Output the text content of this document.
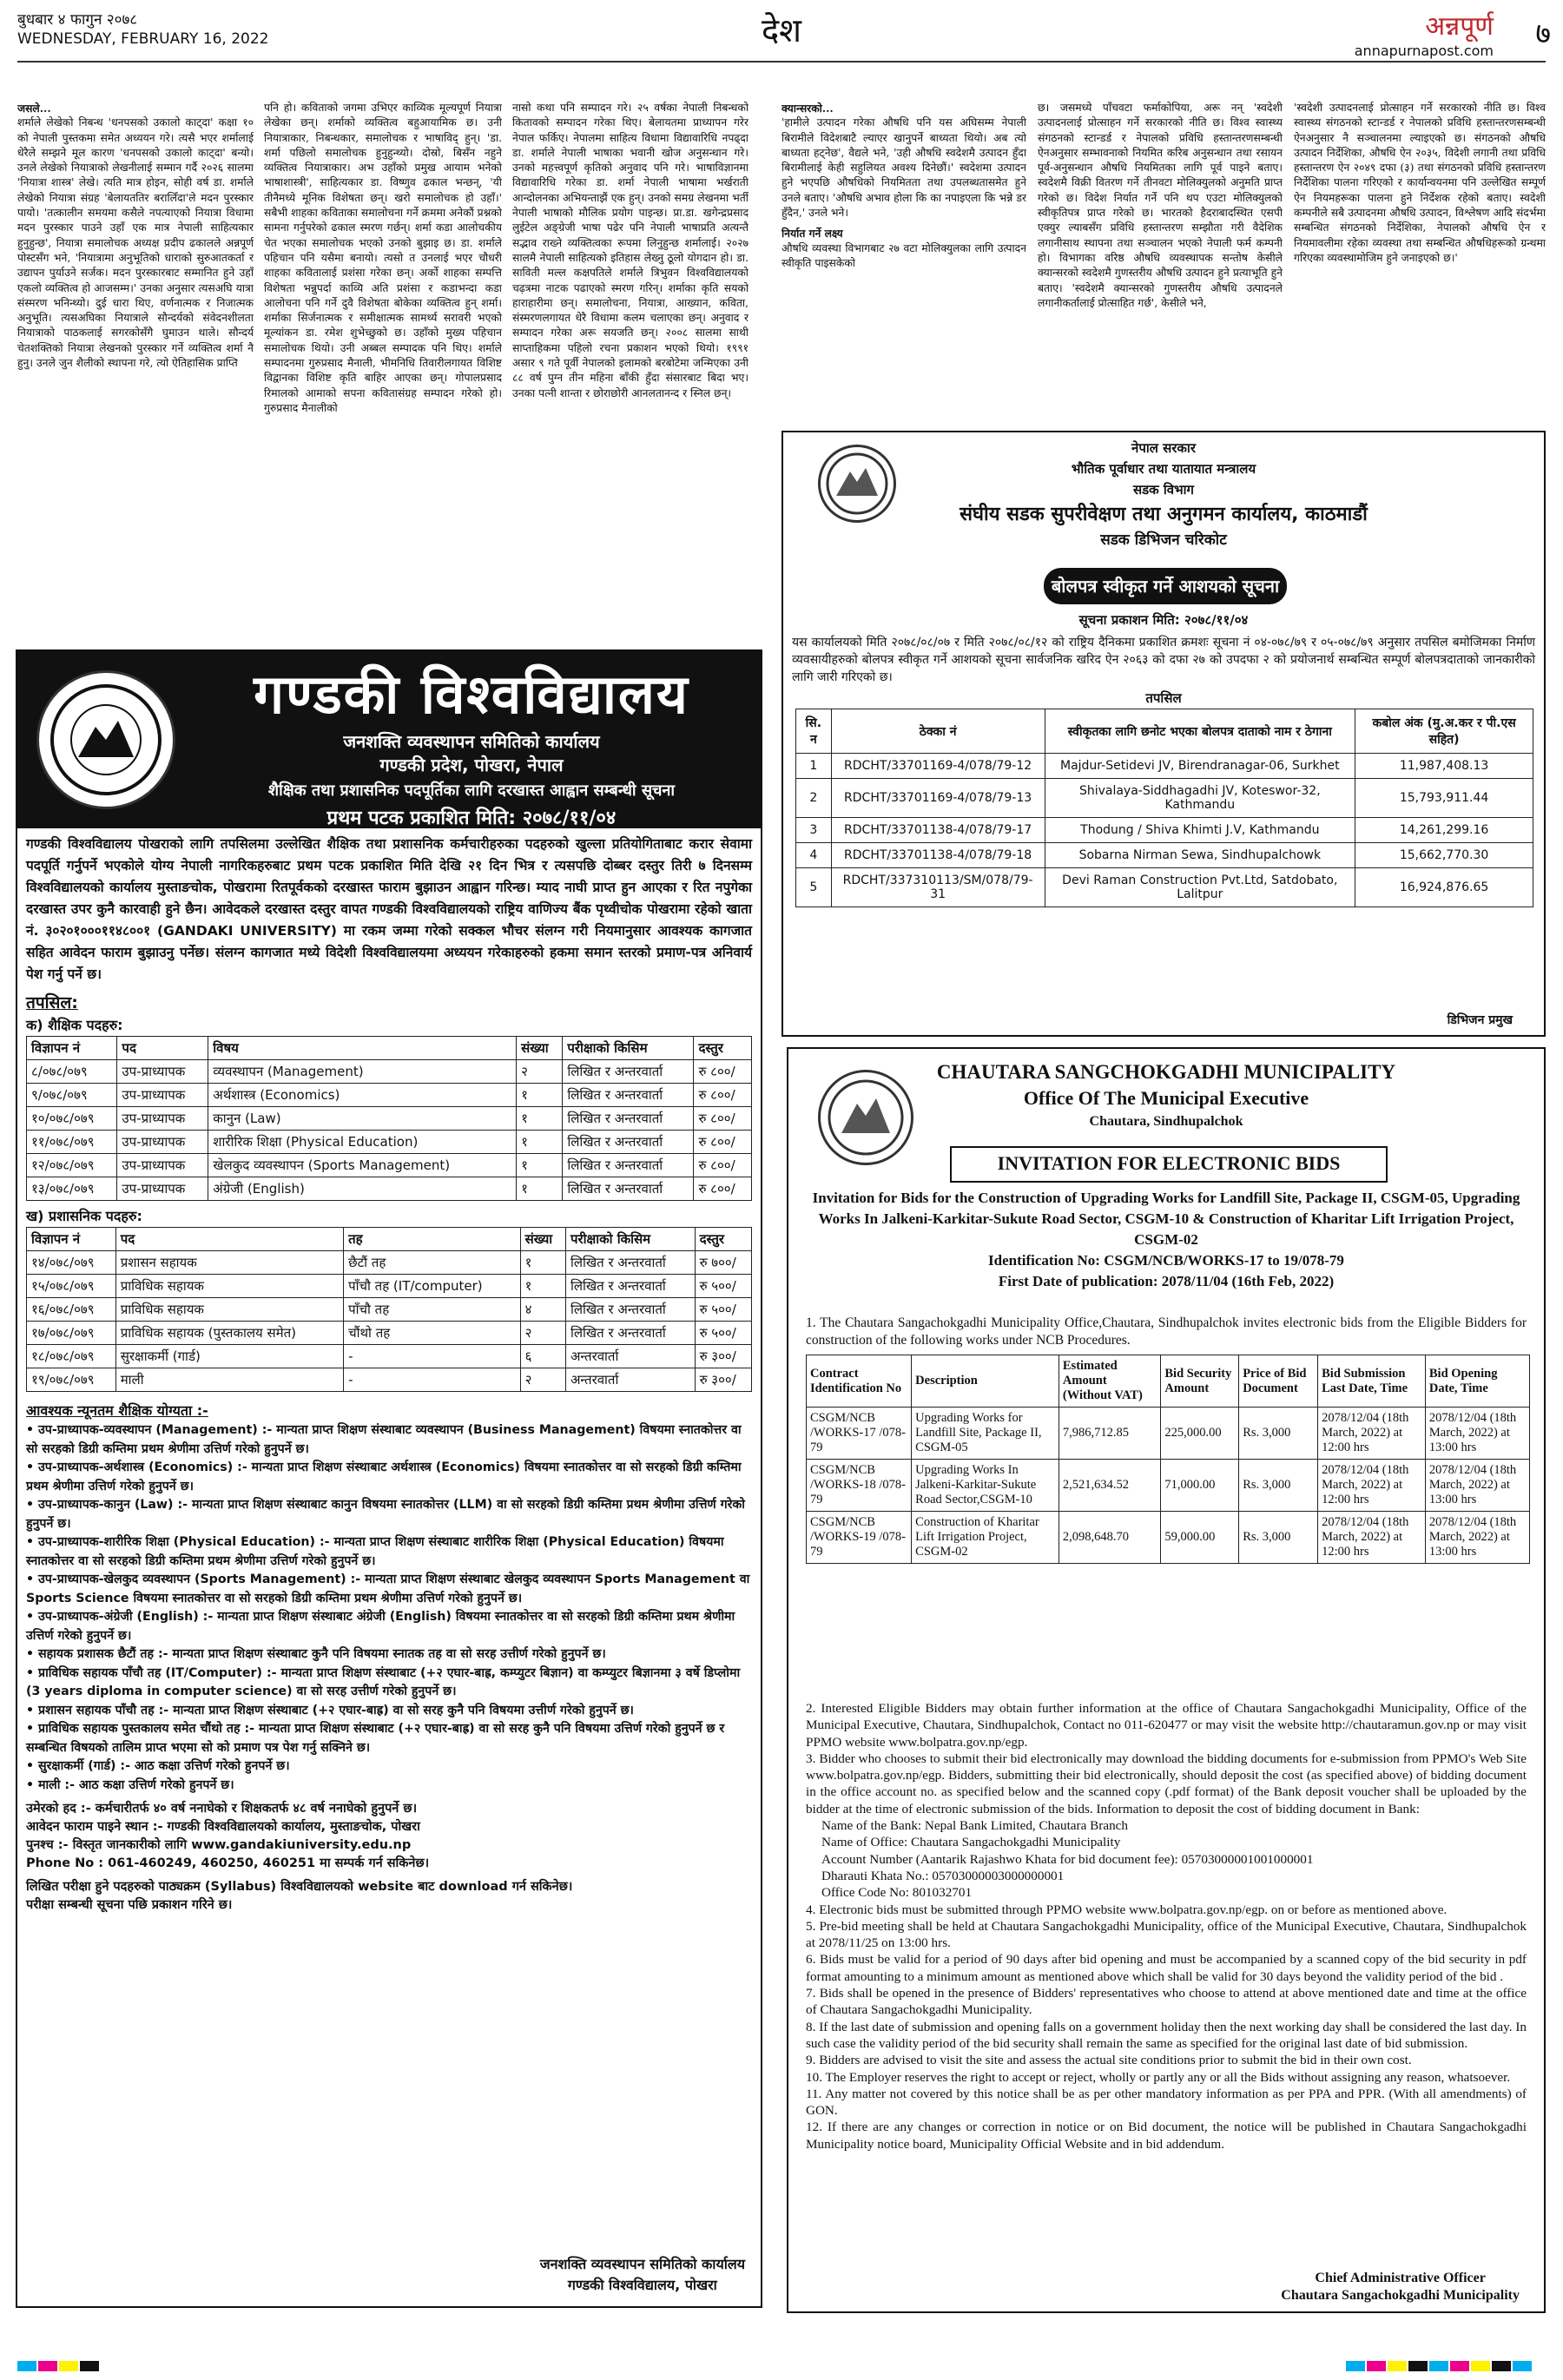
बुधबार ४ फागुन २०७८
WEDNESDAY, FEBRUARY 16, 2022	देश	अन्नपूर्ण
annapurnapost.com ७
जसले...
शर्माले लेखेको निबन्ध 'धनपसको उकालो काट्दा' कक्षा १० को नेपाली पुस्तकमा समेत अध्ययन गरे। त्यसै भएर शर्मालाई धेरैले सम्झने मूल कारण 'धनपसको उकालो काट्दा' बन्यो। उनले लेखेको नियात्राको लेखनीलाई सम्मान गर्दै २०२६ सालमा 'नियात्रा शास्त्र' लेखे। त्यति मात्र होइन, सोही वर्ष डा. शर्माले लेखेको नियात्रा संग्रह 'बेलायततिर बरालिँदा'ले मदन पुरस्कार पायो। 'तत्कालीन समयमा कसैले नपत्याएको नियात्रा विधामा मदन पुरस्कार पाउने उहाँ एक मात्र नेपाली साहित्यकार हुनुहुन्छ', नियात्रा समालोचक अध्यक्ष प्रदीप ढकालले अन्नपूर्ण पोस्टसँग भने, 'नियात्रामा अनुभूतिको धाराको सुरुआतकर्ता र उद्यापन पुर्याउने सर्जक। मदन पुरस्कारबाट सम्मानित हुने उहाँ एकलो व्यक्तित्व हो आजसम्म।' उनका अनुसार त्यसअघि यात्रा संस्मरण भनिन्थ्यो। दुई धारा थिए, वर्णनात्मक र निजात्मक अनुभूति। त्यसअघिका नियात्राले सौन्दर्यको संवेदनशीलता नियात्राको पाठकलाई सगरकोसँगै घुमाउन थाले। सौन्दर्य चेतशक्तिको नियात्रा लेखनको पुरस्कार गर्ने व्यक्तित्व शर्मा नै हुनु। उनले जुन शैलीको स्थापना गरे, त्यो ऐतिहासिक प्राप्ति
पनि हो। कविताको जगमा उभिएर काव्यिक मूल्यपूर्ण नियात्रा लेखेका छन्। शर्माको व्यक्तित्व बहुआयामिक छ। उनी नियात्राकार, निबन्धकार, समालोचक र भाषाविद् हुन्। 'डा. शर्मा पछिलो समालोचक हुनुहुन्थ्यो। दोस्रो, बिसँन नहुने व्यक्तित्व नियात्राकार। अभ उहाँको प्रमुख आयाम भनेको भाषाशास्त्री', साहित्यकार डा. विष्णुव ढकाल भन्छन्, 'यी तीनैमध्ये मूनिक विशेषता छन्। खराे समालोचक हो उहाँ।' सबैभी शाहका कविताका समालोचना गर्ने क्रममा अनेकौं प्रश्नको सामना गर्नुपरेको ढकाल स्मरण गर्छन्। शर्मा कडा आलोचकीय चेत भएका समालोचक भएको उनको बुझाइ छ। डा. शर्माले पहिचान पनि यसैमा बनायो। त्यसो त उनलाई भएर चौधरी शाहका कवितालाई प्रशंसा गरेका छन्। अर्को शाहका सम्पत्ति विशेषता भन्नुपर्दा काव्यि अति प्रशंसा र कडाभन्दा कडा आलोचना पनि गर्ने दुवै विशेषता बोकेका व्यक्तित्व हुन् शर्मा। शर्माका सिर्जनात्मक र समीक्षात्मक सामर्थ्य सरावरी भएको मूल्यांकन डा. रमेश शुभेच्छुको छ। उहाँको मुख्य पहिचान समालोचक थियो। उनी अब्बल सम्पादक पनि थिए। शर्माले सम्पादनमा गुरुप्रसाद मैनाली, भीमनिधि तिवारीलगायत विशिष्ट विद्वानका विशिष्ट कृति बाहिर आएका छन्। गोपालप्रसाद रिमालको आमाको सपना कवितासंग्रह सम्पादन गरेको हो। गुरुप्रसाद मैनालीको
नासो कथा पनि सम्पादन गरे। २५ वर्षका नेपाली निबन्धको कितावको सम्पादन गरेका थिए। बेलायतमा प्राध्यापन गरेर नेपाल फर्किए। नेपालमा साहित्य विधामा विद्यावारिधि नपढ्दा डा. शर्माले नेपाली भाषाका भवानी खोज अनुसन्धान गरे। उनको महत्त्वपूर्ण कृतिको अनुवाद पनि गरे। भाषाविज्ञानमा विद्यावारिधि गरेका डा. शर्मा नेपाली भाषामा भर्खराती आन्दोलनका अभियन्ताझैं एक हुन्। उनको समग्र लेखनमा भर्ती नेपाली भाषाको मौलिक प्रयोग पाइन्छ। प्रा.डा. खगेन्द्रप्रसाद लुईटेल अङ्ग्रेजी भाषा पढेर पनि नेपाली भाषाप्रति अत्यन्तै सद्भाव राख्ने व्यक्तित्वका रूपमा लिनुहुन्छ शर्मालाई। २०२७ सालमै नेपाली साहित्यको इतिहास लेख्नु ठूलो योगदान हो। डा. साविती मल्ल कक्षपतिले शर्माले त्रिभुवन विश्वविद्यालयको चढ़त्रमा नाटक पढाएको स्मरण गरिन्। शर्माका कृति सयको हाराहारीमा छन्। समालोचना, नियात्रा, आख्यान, कविता, संस्मरणलगायत धेरै विधामा कलम चलाएका छन्। अनुवाद र सम्पादन गरेका अरू सयजति छन्। २००८ सालमा साथी साप्ताहिकमा पहिलो रचना प्रकाशन भएको थियो। १९९१ असार ९ गते पूर्वी नेपालको इलामको बरबोटेमा जन्मिएका उनी ८८ वर्ष पुग्न तीन महिना बाँकी हुँदा संसारबाट बिदा भए। उनका पत्नी शान्ता र छोराछोरी आनलतानन्द र स्निल छन्।
क्यान्सरको...
'हामीले उत्पादन गरेका औषधि पनि यस अघिसम्म नेपाली बिरामीले विदेशबाटै ल्याएर खानुपर्ने बाध्यता थियो। अब त्यो बाध्यता हट्नेछ', वैद्यले भने, 'उही औषधि स्वदेशमै उत्पादन हुँदा बिरामीलाई केही सहुलियत अवश्य दिनेछौं।' स्वदेशमा उत्पादन हुने भएपछि औषधिको नियमितता तथा उपलब्धतासमेत हुने उनले बताए। 'औषधि अभाव होला कि का नपाइएला कि भन्ने डर हुँदैन,' उनले भने।
निर्यात गर्ने लक्ष्य
औषधि व्यवस्था विभागबाट २७ वटा मोलिक्युलका लागि उत्पादन स्वीकृति पाइसकेको
छ। जसमध्ये पाँचवटा फर्माकोपिया, अरू नन् 'स्वदेशी उत्पादनलाई प्रोत्साहन गर्ने सरकारको नीति छ। विश्व स्वास्थ्य संगठनको स्टान्डर्ड र नेपालको प्रविधि हस्तान्तरणसम्बन्धी ऐनअनुसार सम्भावनाको नियमित करिब अनुसन्धान तथा रसायन पूर्व-अनुसन्धान औषधि नियमितका लागि पूर्व पाइने बताए। स्वदेशमै विक्री वितरण गर्ने तीनवटा मोलिक्युलको अनुमति प्राप्त गरेको छ। विदेश निर्यात गर्ने पनि थप एउटा मोलिक्युलको स्वीकृतिपत्र प्राप्त गरेको छ। भारतको हैदराबादस्थित एसपी एक्युर ल्याबसँग प्रविधि हस्तान्तरण सम्झौता गरी वैदेशिक लगानीसाथ स्थापना तथा सञ्चालन भएको नेपाली फर्म कम्पनी हो। विभागका वरिष्ठ औषधि व्यवस्थापक सन्तोष केसीले क्यान्सरको स्वदेशमै गुणस्तरीय औषधि उत्पादन हुने प्रत्याभूति हुने बताए। 'स्वदेशमै क्यान्सरको गुणस्तरीय औषधि उत्पादनले लगानीकर्तालाई प्रोत्साहित गर्छ', केसीले भने,
'स्वदेशी उत्पादनलाई प्रोत्साहन गर्ने सरकारको नीति छ। विश्व स्वास्थ्य संगठनको स्टान्डर्ड र नेपालको प्रविधि हस्तान्तरणसम्बन्धी ऐनअनुसार नै सञ्चालनमा ल्याइएको छ। संगठनको औषधि उत्पादन निर्देशिका, औषधि ऐन २०३५, विदेशी लगानी तथा प्रविधि हस्तान्तरण ऐन २०४९ दफा (३) तथा संगठनको प्रविधि हस्तान्तरण निर्देशिका पालना गरिएको र कार्यान्वयनमा पनि उल्लेखित सम्पूर्ण ऐन नियमहरूका पालना हुने निर्देशक रहेको बताए। स्वदेशी कम्पनीले सबै उत्पादनमा औषधि उत्पादन, विश्लेषण आदि संदर्भमा सम्बन्धित संगठनको निर्देशिका, नेपालको औषधि ऐन र नियमावलीमा रहेका व्यवस्था तथा सम्बन्धित औषधिहरूको ग्रन्थमा गरिएका व्यवस्थामोजिम हुने जनाइएको छ।'
गण्डकी विश्वविद्यालय
जनशक्ति व्यवस्थापन समितिको कार्यालय
गण्डकी प्रदेश, पोखरा, नेपाल
शैक्षिक तथा प्रशासनिक पदपूर्तिका लागि दरखास्त आह्वान सम्बन्धी सूचना
प्रथम पटक प्रकाशित मिति: २०७८/११/०४
गण्डकी विश्वविद्यालय पोखराको लागि तपसिलमा उल्लेखित शैक्षिक तथा प्रशासनिक कर्मचारीहरुका पदहरुको खुल्ला प्रतियोगिताबाट करार सेवामा पदपूर्ति गर्नुपर्ने भएकोले योग्य नेपाली नागरिकहरुबाट प्रथम पटक प्रकाशित मिति देखि २१ दिन भित्र र त्यसपछि दोब्बर दस्तुर तिरी ७ दिनसम्म विश्वविद्यालयको कार्यालय मुस्ताङचोक, पोखरामा रितपूर्वकको दरखास्त फाराम बुझाउन आह्वान गरिन्छ। म्याद नाघी प्राप्त हुन आएका र रित नपुगेका दरखास्त उपर कुनै कारवाही हुने छैन। आवेदकले दरखास्त दस्तुर वापत गण्डकी विश्वविद्यालयको राष्ट्रिय वाणिज्य बैंक पृथ्वीचोक पोखरामा रहेको खाता नं. ३०२०१०००११४८००१ (GANDAKI UNIVERSITY) मा रकम जम्मा गरेको सक्कल भौचर संलग्न गरी नियमानुसार आवश्यक कागजात सहित आवेदन फाराम बुझाउनु पर्नेछ। संलग्न कागजात मध्ये विदेशी विश्वविद्यालयमा अध्ययन गरेकाहरुको हकमा समान स्तरको प्रमाण-पत्र अनिवार्य पेश गर्नु पर्ने छ।
तपसिल:
क) शैक्षिक पदहरु:
विज्ञापन नं	पद	विषय	संख्या	परीक्षाको किसिम	दस्तुर
८/०७८/०७९	उप-प्राध्यापक	व्यवस्थापन (Management)	२	लिखित र अन्तरवार्ता	रु ८००/
९/०७८/०७९	उप-प्राध्यापक	अर्थशास्त्र (Economics)	१	लिखित र अन्तरवार्ता	रु ८००/
१०/०७८/०७९	उप-प्राध्यापक	कानुन (Law)	१	लिखित र अन्तरवार्ता	रु ८००/
११/०७८/०७९	उप-प्राध्यापक	शारीरिक शिक्षा (Physical Education)	१	लिखित र अन्तरवार्ता	रु ८००/
१२/०७८/०७९	उप-प्राध्यापक	खेलकुद व्यवस्थापन (Sports Management)	१	लिखित र अन्तरवार्ता	रु ८००/
१३/०७८/०७९	उप-प्राध्यापक	अंग्रेजी (English)	१	लिखित र अन्तरवार्ता	रु ८००/
ख) प्रशासनिक पदहरु:
विज्ञापन नं	पद	तह	संख्या	परीक्षाको किसिम	दस्तुर
१४/०७८/०७९	प्रशासन सहायक	छैटौं तह	१	लिखित र अन्तरवार्ता	रु ७००/
१५/०७८/०७९	प्राविधिक सहायक	पाँचौ तह (IT/computer)	१	लिखित र अन्तरवार्ता	रु ५००/
१६/०७८/०७९	प्राविधिक सहायक	पाँचौ तह	४	लिखित र अन्तरवार्ता	रु ५००/
१७/०७८/०७९	प्राविधिक सहायक (पुस्तकालय समेत)	चौंथो तह	२	लिखित र अन्तरवार्ता	रु ५००/
१८/०७८/०७९	सुरक्षाकर्मी (गार्ड)	-	६	अन्तरवार्ता	रु ३००/
१९/०७८/०७९	माली	-	२	अन्तरवार्ता	रु ३००/
आवश्यक न्यूनतम शैक्षिक योग्यता :-
• उप-प्राध्यापक-व्यवस्थापन (Management) :- मान्यता प्राप्त शिक्षण संस्थाबाट व्यवस्थापन (Business Management) विषयमा स्नातकोत्तर वा सो सरहको डिग्री कम्तिमा प्रथम श्रेणीमा उत्तिर्ण गरेको हुनुपर्ने छ।
• उप-प्राध्यापक-अर्थशास्त्र (Economics) :- मान्यता प्राप्त शिक्षण संस्थाबाट अर्थशास्त्र (Economics) विषयमा स्नातकोत्तर वा सो सरहको डिग्री कम्तिमा प्रथम श्रेणीमा उत्तिर्ण गरेको हुनुपर्ने छ।
• उप-प्राध्यापक-कानुन (Law) :- मान्यता प्राप्त शिक्षण संस्थाबाट कानुन विषयमा स्नातकोत्तर (LLM) वा सो सरहको डिग्री कम्तिमा प्रथम श्रेणीमा उत्तिर्ण गरेको हुनुपर्ने छ।
• उप-प्राध्यापक-शारीरिक शिक्षा (Physical Education) :- मान्यता प्राप्त शिक्षण संस्थाबाट शारीरिक शिक्षा (Physical Education) विषयमा स्नातकोत्तर वा सो सरहको डिग्री कम्तिमा प्रथम श्रेणीमा उत्तिर्ण गरेको हुनुपर्ने छ।
• उप-प्राध्यापक-खेलकुद व्यवस्थापन (Sports Management) :- मान्यता प्राप्त शिक्षण संस्थाबाट खेलकुद व्यवस्थापन Sports Management वा Sports Science विषयमा स्नातकोत्तर वा सो सरहको डिग्री कम्तिमा प्रथम श्रेणीमा उत्तिर्ण गरेको हुनुपर्ने छ।
• उप-प्राध्यापक-अंग्रेजी (English) :- मान्यता प्राप्त शिक्षण संस्थाबाट अंग्रेजी (English) विषयमा स्नातकोत्तर वा सो सरहको डिग्री कम्तिमा प्रथम श्रेणीमा उत्तिर्ण गरेको हुनुपर्ने छ।
• सहायक प्रशासक छैटौं तह :- मान्यता प्राप्त शिक्षण संस्थाबाट कुनै पनि विषयमा स्नातक तह वा सो सरह उत्तीर्ण गरेको हुनुपर्ने छ।
• प्राविधिक सहायक पाँचौ तह (IT/Computer) :- मान्यता प्राप्त शिक्षण संस्थाबाट (+२ एघार-बाह्र, कम्प्युटर बिज्ञान) वा कम्प्युटर बिज्ञानमा ३ वर्षे डिप्लोमा (3 years diploma in computer science) वा सो सरह उत्तीर्ण गरेको हुनुपर्ने छ।
• प्रशासन सहायक पाँचौ तह :- मान्यता प्राप्त शिक्षण संस्थाबाट (+२ एघार-बाह्र) वा सो सरह कुनै पनि विषयमा उत्तीर्ण गरेको हुनुपर्ने छ।
• प्राविधिक सहायक पुस्तकालय समेत चौंथो तह :- मान्यता प्राप्त शिक्षण संस्थाबाट (+२ एघार-बाह्र) वा सो सरह कुनै पनि विषयमा उत्तिर्ण गरेको हुनुपर्ने छ र सम्बन्धित विषयको तालिम प्राप्त भएमा सो को प्रमाण पत्र पेश गर्नु सक्निने छ।
• सुरक्षाकर्मी (गार्ड) :- आठ कक्षा उत्तिर्ण गरेको हुनपर्ने छ।
• माली :- आठ कक्षा उत्तिर्ण गरेको हुनपर्ने छ।
उमेरको हद :- कर्मचारीतर्फ ४० वर्ष ननाघेको र शिक्षकतर्फ ४८ वर्ष ननाघेको हुनुपर्ने छ।
आवेदन फाराम पाइने स्थान :- गण्डकी विश्वविद्यालयको कार्यालय, मुस्ताङचोक, पोखरा
पुनश्च :- विस्तृत जानकारीको लागि www.gandakiuniversity.edu.np
Phone No : 061-460249, 460250, 460251 मा सम्पर्क गर्न सकिनेछ।
लिखित परीक्षा हुने पदहरुको पाठ्यक्रम (Syllabus) विश्वविद्यालयको website बाट download गर्न सकिनेछ।
परीक्षा सम्बन्धी सूचना पछि प्रकाशन गरिने छ।
जनशक्ति व्यवस्थापन समितिको कार्यालय
गण्डकी विश्वविद्यालय, पोखरा
नेपाल सरकार
भौतिक पूर्वाधार तथा यातायात मन्त्रालय
सडक विभाग
संघीय सडक सुपरीवेक्षण तथा अनुगमन कार्यालय, काठमाडौं
सडक डिभिजन चरिकोट
बोलपत्र स्वीकृत गर्ने आशयको सूचना
सूचना प्रकाशन मिति: २०७८/११/०४
यस कार्यालयको मिति २०७८/०८/०७ र मिति २०७८/०८/१२ को राष्ट्रिय दैनिकमा प्रकाशित क्रमशः सूचना नं ०४-०७८/७९ र ०५-०७८/७९ अनुसार तपसिल बमोजिमका निर्माण व्यवसायीहरुको बोलपत्र स्वीकृत गर्ने आशयको सूचना सार्वजनिक खरिद ऐन २०६३ को दफा २७ को उपदफा २ को प्रयोजनार्थ सम्बन्धित सम्पूर्ण बोलपत्रदाताको जानकारीको लागि जारी गरिएको छ।
तपसिल
सि. न	ठेक्का नं	स्वीकृतका लागि छनोट भएका बोलपत्र दाताको नाम र ठेगाना	कबोल अंक (मु.अ.कर र पी.एस सहित)
1	RDCHT/33701169-4/078/79-12	Majdur-Setidevi JV, Birendranagar-06, Surkhet	11,987,408.13
2	RDCHT/33701169-4/078/79-13	Shivalaya-Siddhagadhi JV, Koteswor-32, Kathmandu	15,793,911.44
3	RDCHT/33701138-4/078/79-17	Thodung / Shiva Khimti J.V, Kathmandu	14,261,299.16
4	RDCHT/33701138-4/078/79-18	Sobarna Nirman Sewa, Sindhupalchowk	15,662,770.30
5	RDCHT/337310113/SM/078/79-31	Devi Raman Construction Pvt.Ltd, Satdobato, Lalitpur	16,924,876.65
डिभिजन प्रमुख
CHAUTARA SANGCHOKGADHI MUNICIPALITY
Office Of The Municipal Executive
Chautara, Sindhupalchok
INVITATION FOR ELECTRONIC BIDS
Invitation for Bids for the Construction of Upgrading Works for Landfill Site, Package II, CSGM-05, Upgrading Works In Jalkeni-Karkitar-Sukute Road Sector, CSGM-10 & Construction of Kharitar Lift Irrigation Project, CSGM-02
Identification No: CSGM/NCB/WORKS-17 to 19/078-79
First Date of publication: 2078/11/04 (16th Feb, 2022)
1. The Chautara Sangachokgadhi Municipality Office,Chautara, Sindhupalchok invites electronic bids from the Eligible Bidders for construction of the following works under NCB Procedures.
Contract Identification No	Description	Estimated Amount (Without VAT)	Bid Security Amount	Price of Bid Document	Bid Submission Last Date, Time	Bid Opening Date, Time
CSGM/NCB /WORKS-17 /078-79	Upgrading Works for Landfill Site, Package II, CSGM-05	7,986,712.85	225,000.00	Rs. 3,000	2078/12/04 (18th March, 2022) at 12:00 hrs	2078/12/04 (18th March, 2022) at 13:00 hrs
CSGM/NCB /WORKS-18 /078-79	Upgrading Works In Jalkeni-Karkitar-Sukute Road Sector,CSGM-10	2,521,634.52	71,000.00	Rs. 3,000	2078/12/04 (18th March, 2022) at 12:00 hrs	2078/12/04 (18th March, 2022) at 13:00 hrs
CSGM/NCB /WORKS-19 /078-79	Construction of Kharitar Lift Irrigation Project, CSGM-02	2,098,648.70	59,000.00	Rs. 3,000	2078/12/04 (18th March, 2022) at 12:00 hrs	2078/12/04 (18th March, 2022) at 13:00 hrs
2. Interested Eligible Bidders may obtain further information at the office of Chautara Sangachokgadhi Municipality, Office of the Municipal Executive, Chautara, Sindhupalchok, Contact no 011-620477 or may visit the website http://chautaramun.gov.np or may visit PPMO website www.bolpatra.gov.np/egp.
3. Bidder who chooses to submit their bid electronically may download the bidding documents for e-submission from PPMO's Web Site www.bolpatra.gov.np/egp. Bidders, submitting their bid electronically, should deposit the cost (as specified above) of bidding document in the office account no. as specified below and the scanned copy (.pdf format) of the Bank deposit voucher shall be uploaded by the bidder at the time of electronic submission of the bids. Information to deposit the cost of bidding document in Bank:
Name of the Bank: Nepal Bank Limited, Chautara Branch
Name of Office: Chautara Sangachokgadhi Municipality
Account Number (Aantarik Rajashwo Khata for bid document fee): 05703000001001000001
Dharauti Khata No.: 05703000003000000001
Office Code No: 801032701
4. Electronic bids must be submitted through PPMO website www.bolpatra.gov.np/egp. on or before as mentioned above.
5. Pre-bid meeting shall be held at Chautara Sangachokgadhi Municipality, office of the Municipal Executive, Chautara, Sindhupalchok at 2078/11/25 on 13:00 hrs.
6. Bids must be valid for a period of 90 days after bid opening and must be accompanied by a scanned copy of the bid security in pdf format amounting to a minimum amount as mentioned above which shall be valid for 30 days beyond the validity period of the bid .
7. Bids shall be opened in the presence of Bidders' representatives who choose to attend at above mentioned date and time at the office of Chautara Sangachokgadhi Municipality.
8. If the last date of submission and opening falls on a government holiday then the next working day shall be considered the last day. In such case the validity period of the bid security shall remain the same as specified for the original last date of bid submission.
9. Bidders are advised to visit the site and assess the actual site conditions prior to submit the bid in their own cost.
10. The Employer reserves the right to accept or reject, wholly or partly any or all the Bids without assigning any reason, whatsoever.
11. Any matter not covered by this notice shall be as per other mandatory information as per PPA and PPR. (With all amendments) of GON.
12. If there are any changes or correction in notice or on Bid document, the notice will be published in Chautara Sangachokgadhi Municipality notice board, Municipality Official Website and in bid addendum.
Chief Administrative Officer
Chautara Sangachokgadhi Municipality
